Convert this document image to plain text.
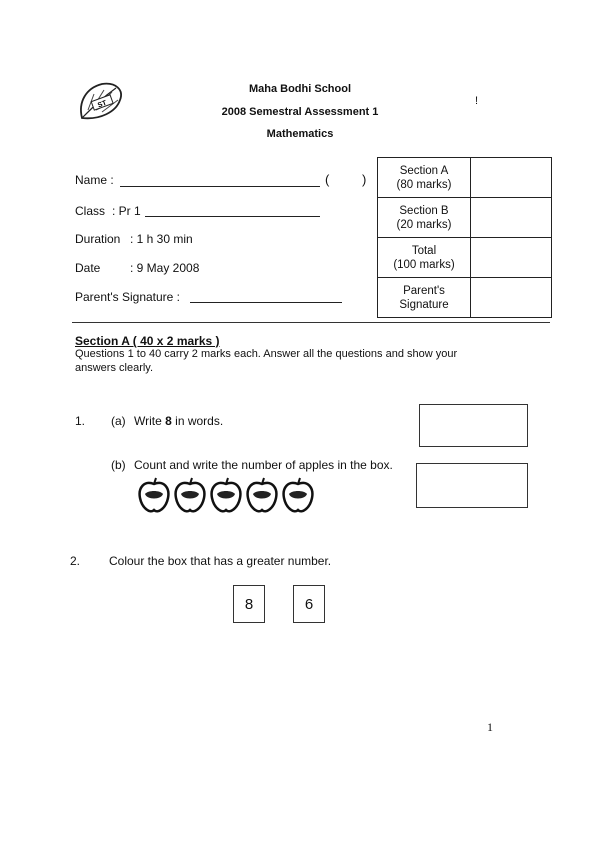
ST
Maha Bodhi School
2008 Semestral Assessment 1
Mathematics
!
Name :	(	)
Class : Pr 1
Duration : 1 h 30 min
Date : 9 May 2008
Parent's Signature :
Section A
(80 marks)	
Section B
(20 marks)	
Total
(100 marks)	
Parent's
Signature	
Section A ( 40 x 2 marks )
Questions 1 to 40 carry 2 marks each. Answer all the questions and show your
answers clearly.
1. (a) Write 8 in words.
(b) Count and write the number of apples in the box.
2. Colour the box that has a greater number.
8	6
1
